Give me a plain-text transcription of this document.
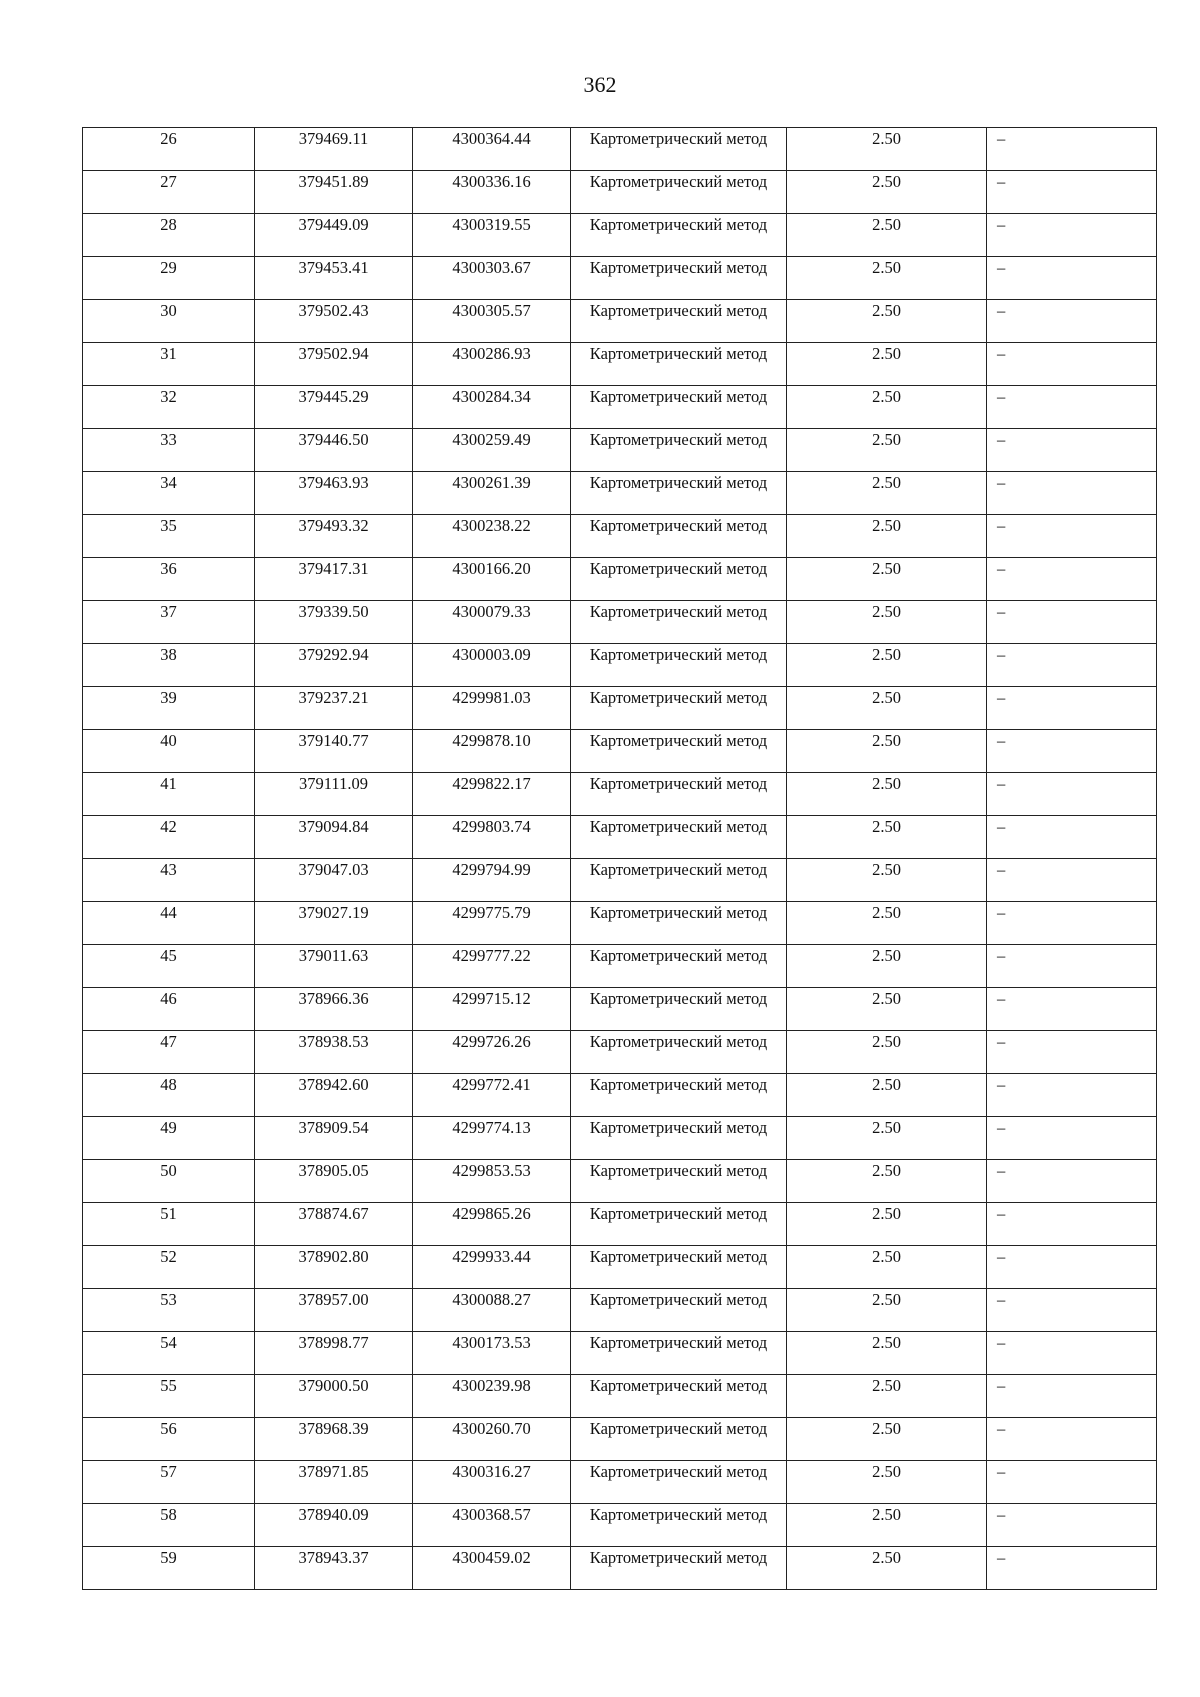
362
26	379469.11	4300364.44	Картометрический метод	2.50	–
27	379451.89	4300336.16	Картометрический метод	2.50	–
28	379449.09	4300319.55	Картометрический метод	2.50	–
29	379453.41	4300303.67	Картометрический метод	2.50	–
30	379502.43	4300305.57	Картометрический метод	2.50	–
31	379502.94	4300286.93	Картометрический метод	2.50	–
32	379445.29	4300284.34	Картометрический метод	2.50	–
33	379446.50	4300259.49	Картометрический метод	2.50	–
34	379463.93	4300261.39	Картометрический метод	2.50	–
35	379493.32	4300238.22	Картометрический метод	2.50	–
36	379417.31	4300166.20	Картометрический метод	2.50	–
37	379339.50	4300079.33	Картометрический метод	2.50	–
38	379292.94	4300003.09	Картометрический метод	2.50	–
39	379237.21	4299981.03	Картометрический метод	2.50	–
40	379140.77	4299878.10	Картометрический метод	2.50	–
41	379111.09	4299822.17	Картометрический метод	2.50	–
42	379094.84	4299803.74	Картометрический метод	2.50	–
43	379047.03	4299794.99	Картометрический метод	2.50	–
44	379027.19	4299775.79	Картометрический метод	2.50	–
45	379011.63	4299777.22	Картометрический метод	2.50	–
46	378966.36	4299715.12	Картометрический метод	2.50	–
47	378938.53	4299726.26	Картометрический метод	2.50	–
48	378942.60	4299772.41	Картометрический метод	2.50	–
49	378909.54	4299774.13	Картометрический метод	2.50	–
50	378905.05	4299853.53	Картометрический метод	2.50	–
51	378874.67	4299865.26	Картометрический метод	2.50	–
52	378902.80	4299933.44	Картометрический метод	2.50	–
53	378957.00	4300088.27	Картометрический метод	2.50	–
54	378998.77	4300173.53	Картометрический метод	2.50	–
55	379000.50	4300239.98	Картометрический метод	2.50	–
56	378968.39	4300260.70	Картометрический метод	2.50	–
57	378971.85	4300316.27	Картометрический метод	2.50	–
58	378940.09	4300368.57	Картометрический метод	2.50	–
59	378943.37	4300459.02	Картометрический метод	2.50	–
